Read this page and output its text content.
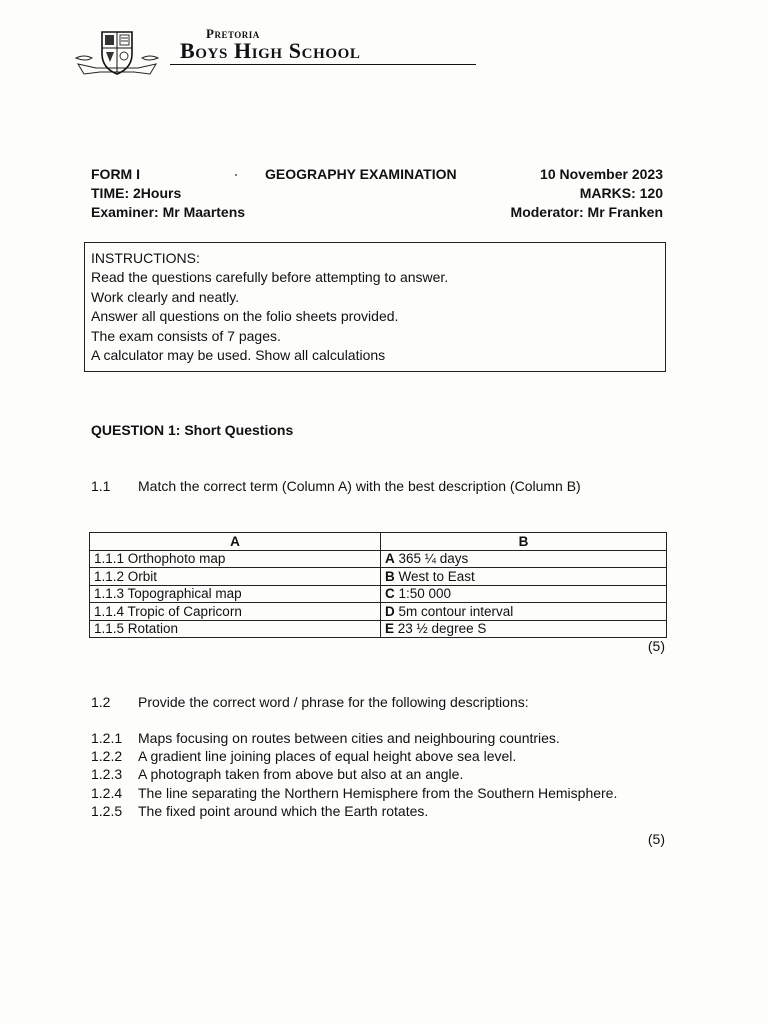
Pretoria
Boys High School
FORM I	GEOGRAPHY EXAMINATION	10 November 2023
TIME: 2Hours	MARKS: 120
Examiner: Mr Maartens	Moderator: Mr Franken
INSTRUCTIONS:
Read the questions carefully before attempting to answer.
Work clearly and neatly.
Answer all questions on the folio sheets provided.
The exam consists of 7 pages.
A calculator may be used. Show all calculations
QUESTION 1: Short Questions
1.1 Match the correct term (Column A) with the best description (Column B)
A	B
1.1.1 Orthophoto map	A 365 ¼ days
1.1.2 Orbit	B West to East
1.1.3 Topographical map	C 1:50 000
1.1.4 Tropic of Capricorn	D 5m contour interval
1.1.5 Rotation	E 23 ½ degree S
(5)
1.2 Provide the correct word / phrase for the following descriptions:
1.2.1 Maps focusing on routes between cities and neighbouring countries.
1.2.2 A gradient line joining places of equal height above sea level.
1.2.3 A photograph taken from above but also at an angle.
1.2.4 The line separating the Northern Hemisphere from the Southern Hemisphere.
1.2.5 The fixed point around which the Earth rotates.
(5)
